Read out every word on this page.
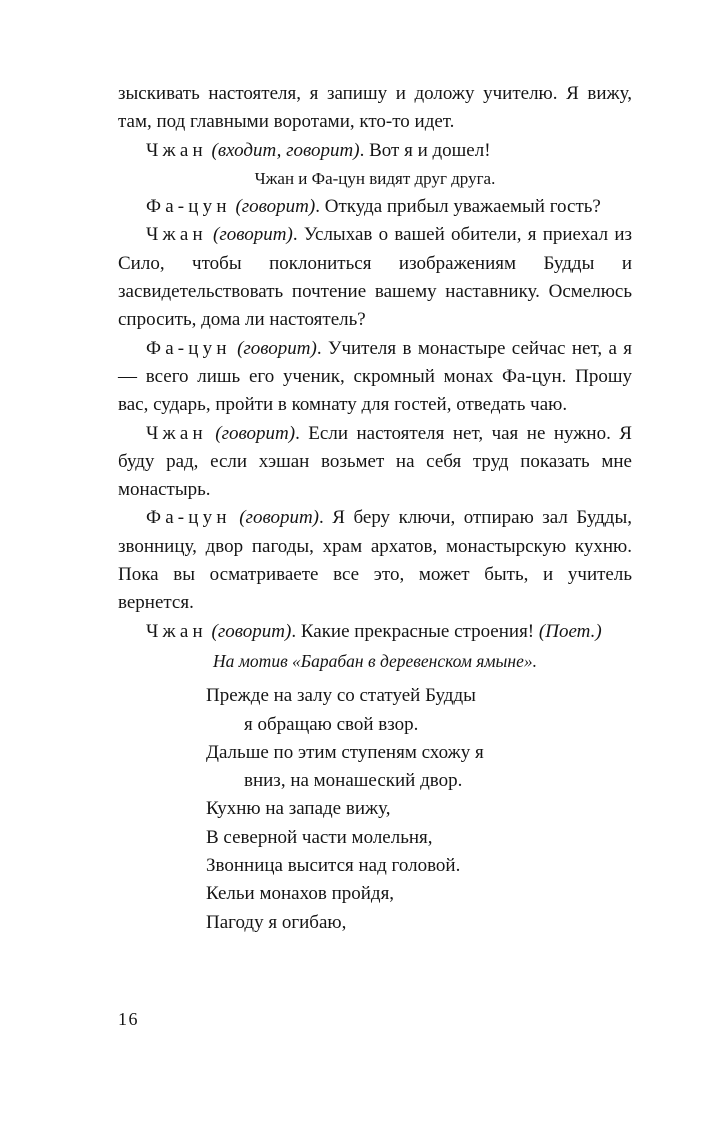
зыскивать настоятеля, я запишу и доложу учителю. Я вижу, там, под главными воротами, кто-то идет.

Чжан (входит, говорит). Вот я и дошел!

Чжан и Фа-цун видят друг друга.

Фа-цун (говорит). Откуда прибыл уважаемый гость?

Чжан (говорит). Услыхав о вашей обители, я приехал из Сило, чтобы поклониться изображениям Будды и засвидетельствовать почтение вашему наставнику. Осмелюсь спросить, дома ли настоятель?

Фа-цун (говорит). Учителя в монастыре сейчас нет, а я — всего лишь его ученик, скромный монах Фа-цун. Прошу вас, сударь, пройти в комнату для гостей, отведать чаю.

Чжан (говорит). Если настоятеля нет, чая не нужно. Я буду рад, если хэшан возьмет на себя труд показать мне монастырь.

Фа-цун (говорит). Я беру ключи, отпираю зал Будды, звонницу, двор пагоды, храм архатов, монастырскую кухню. Пока вы осматриваете все это, может быть, и учитель вернется.

Чжан (говорит). Какие прекрасные строения! (Поет.)

На мотив «Барабан в деревенском ямыне».

Прежде на залу со статуей Будды
я обращаю свой взор.
Дальше по этим ступеням схожу я
вниз, на монашеский двор.
Кухню на западе вижу,
В северной части молельня,
Звонница высится над головой.
Кельи монахов пройдя,
Пагоду я огибаю,
16
